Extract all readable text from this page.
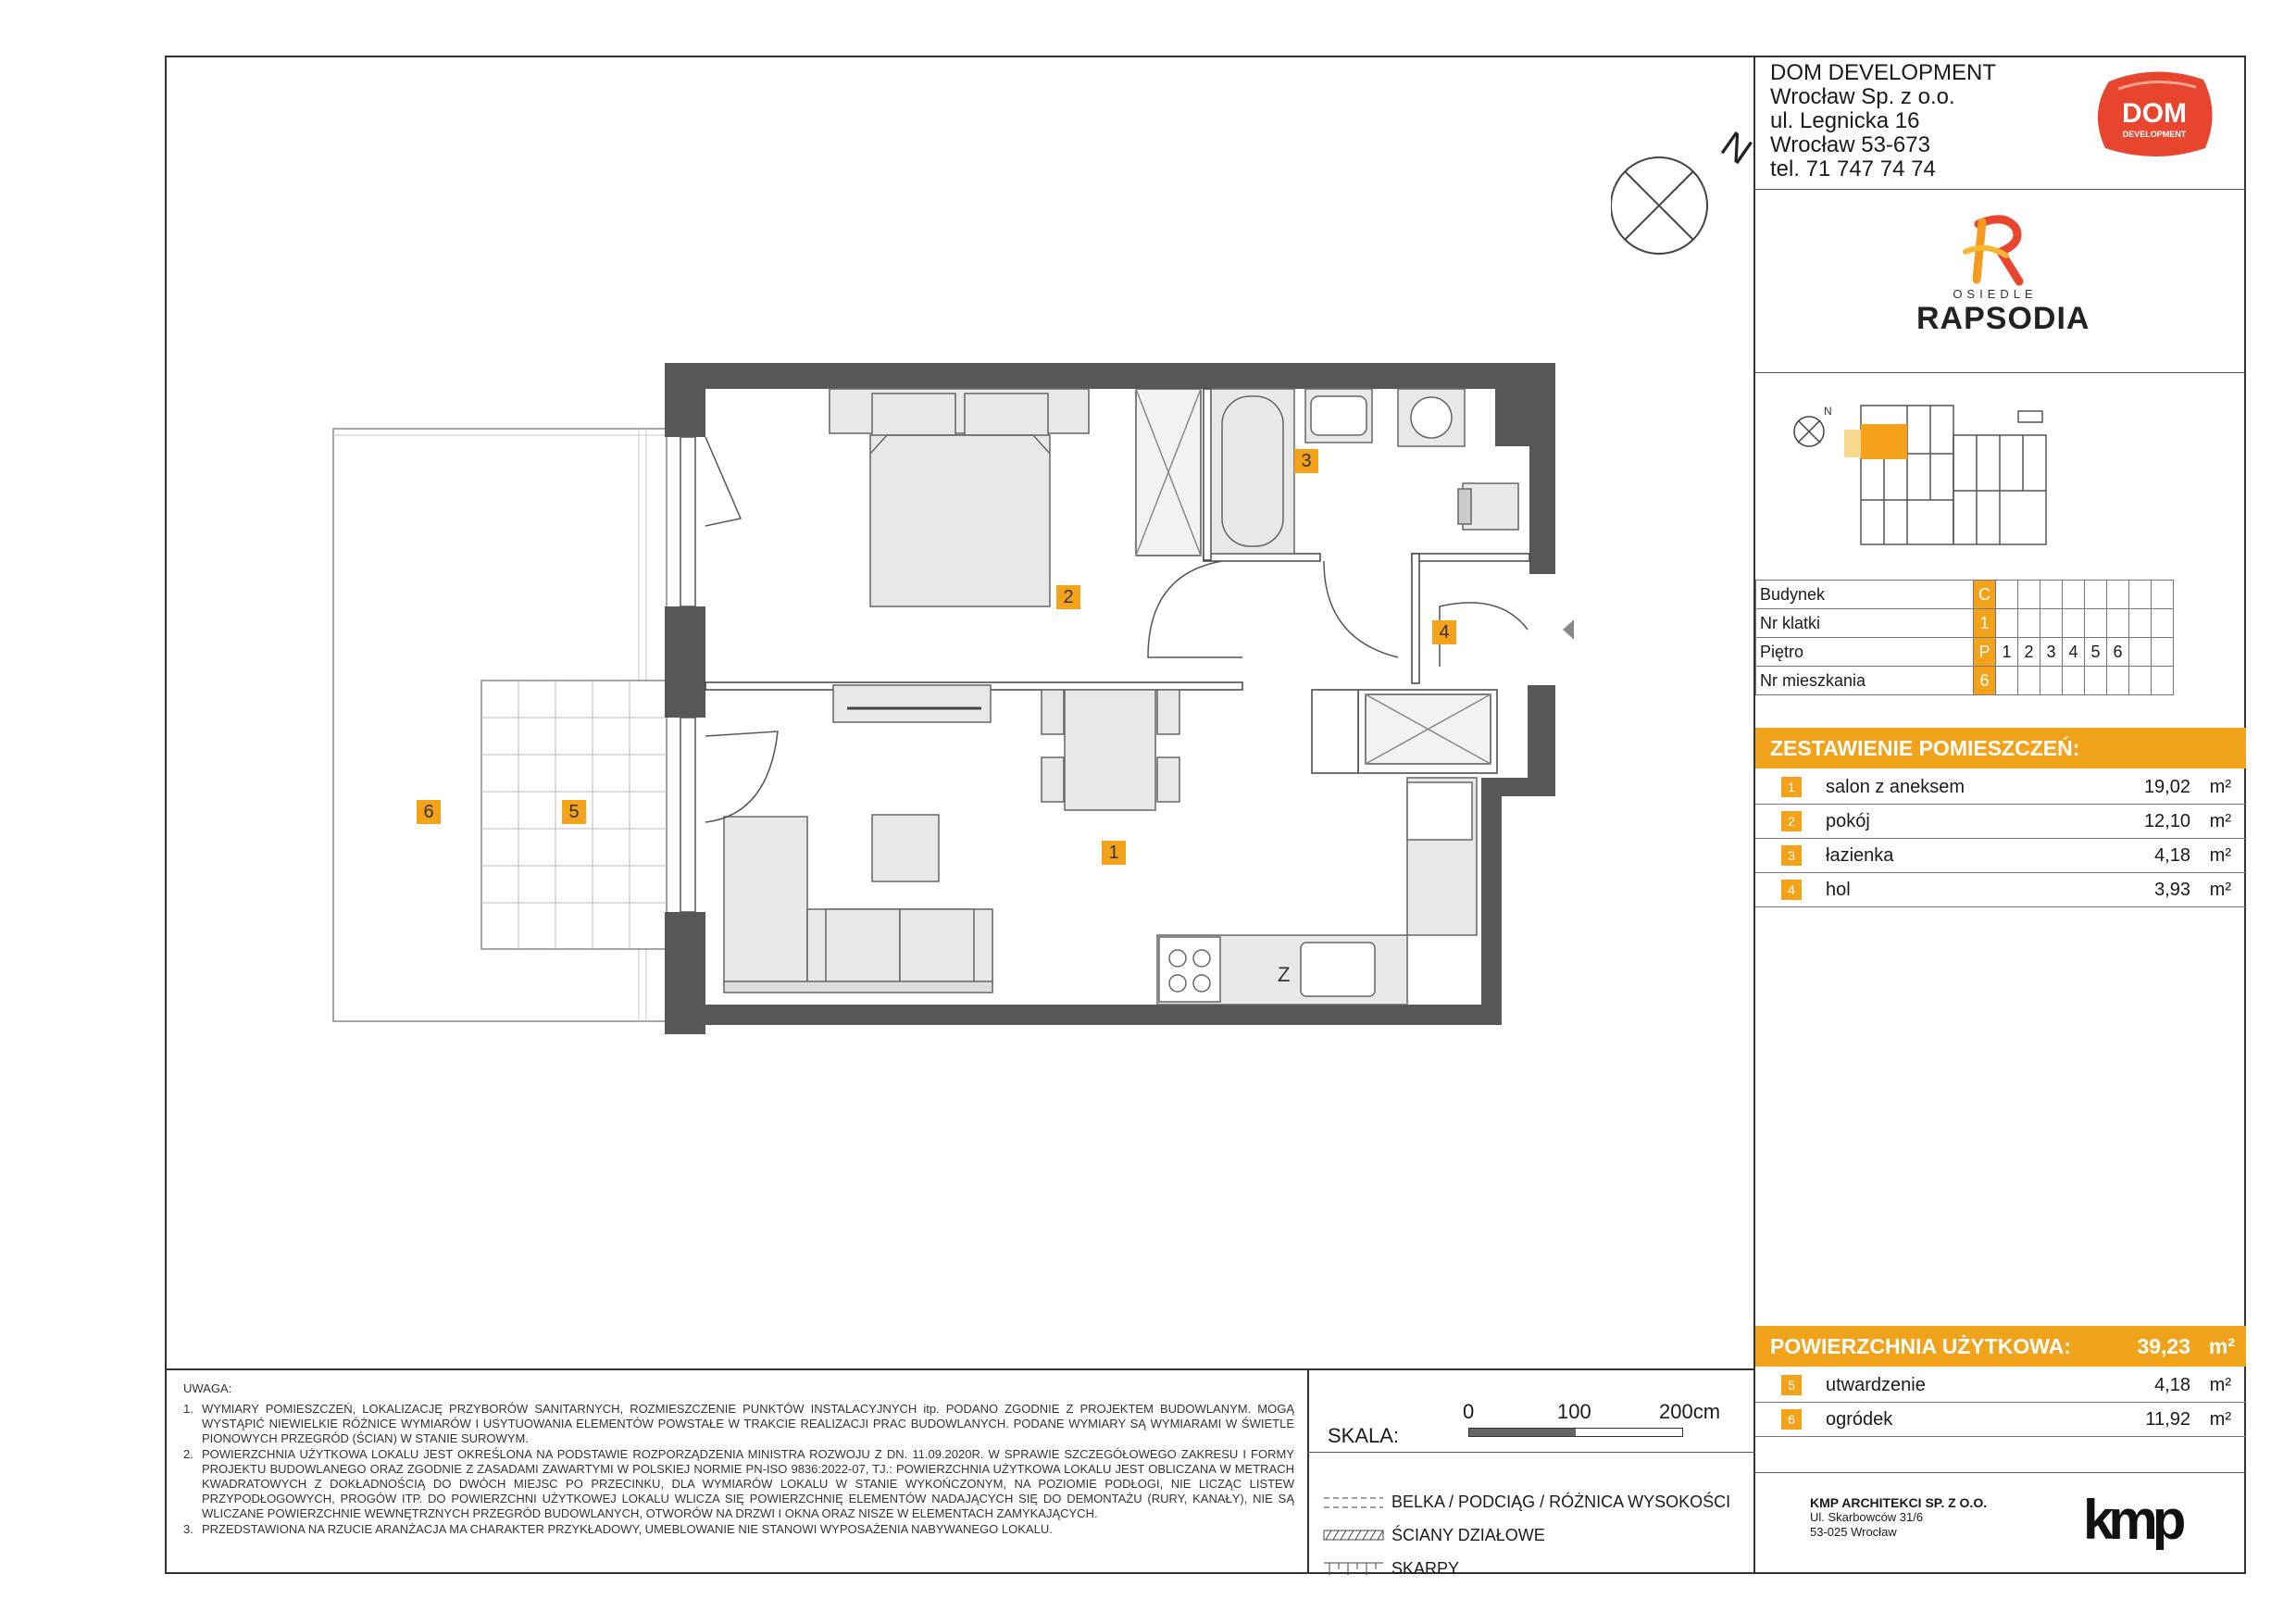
DOM DEVELOPMENT
Wrocław Sp. z o.o.
ul. Legnicka 16
Wrocław 53-673
tel. 71 747 74 74
DOM
DEVELOPMENT
OSIEDLE
RAPSODIA
N
Budynek	C								
Nr klatki	1								
Piętro	P	1	2	3	4	5	6		
Nr mieszkania	6								
ZESTAWIENIE POMIESZCZEŃ:
1	salon z aneksem	19,02 m²
2	pokój	12,10 m²
3	łazienka	4,18 m²
4	hol	3,93 m²
POWIERZCHNIA UŻYTKOWA:	39,23 m²
5	utwardzenie	4,18 m²
6	ogródek	11,92 m²
KMP ARCHITEKCI SP. Z O.O.
Ul. Skarbowców 31/6
53-025 Wrocław	kmp
UWAGA:
1. WYMIARY POMIESZCZEŃ, LOKALIZACJĘ PRZYBORÓW SANITARNYCH, ROZMIESZCZENIE PUNKTÓW INSTALACYJNYCH itp. PODANO ZGODNIE Z PROJEKTEM BUDOWLANYM. MOGĄ WYSTĄPIĆ NIEWIELKIE RÓŻNICE WYMIARÓW I USYTUOWANIA ELEMENTÓW POWSTAŁE W TRAKCIE REALIZACJI PRAC BUDOWLANYCH. PODANE WYMIARY SĄ WYMIARAMI W ŚWIETLE PIONOWYCH PRZEGRÓD (ŚCIAN) W STANIE SUROWYM.
2. POWIERZCHNIA UŻYTKOWA LOKALU JEST OKREŚLONA NA PODSTAWIE ROZPORZĄDZENIA MINISTRA ROZWOJU Z DN. 11.09.2020R. W SPRAWIE SZCZEGÓŁOWEGO ZAKRESU I FORMY PROJEKTU BUDOWLANEGO ORAZ ZGODNIE Z ZASADAMI ZAWARTYMI W POLSKIEJ NORMIE PN-ISO 9836:2022-07, TJ.: POWIERZCHNIA UŻYTKOWA LOKALU JEST OBLICZANA W METRACH KWADRATOWYCH Z DOKŁADNOŚCIĄ DO DWÓCH MIEJSC PO PRZECINKU, DLA WYMIARÓW LOKALU W STANIE WYKOŃCZONYM, NA POZIOMIE PODŁOGI, NIE LICZĄC LISTEW PRZYPODŁOGOWYCH, PROGÓW ITP. DO POWIERZCHNI UŻYTKOWEJ LOKALU WLICZA SIĘ POWIERZCHNIĘ ELEMENTÓW NADAJĄCYCH SIĘ DO DEMONTAŻU (RURY, KANAŁY), NIE SĄ WLICZANE POWIERZCHNIE WEWNĘTRZNYCH PRZEGRÓD BUDOWLANYCH, OTWORÓW NA DRZWI I OKNA ORAZ NISZE W ELEMENTACH ZAMYKAJĄCYCH.
3. PRZEDSTAWIONA NA RZUCIE ARANŻACJA MA CHARAKTER PRZYKŁADOWY, UMEBLOWANIE NIE STANOWI WYPOSAŻENIA NABYWANEGO LOKALU.
SKALA:
0	100	200cm
BELKA / PODCIĄG / RÓŻNICA WYSOKOŚCI
ŚCIANY DZIAŁOWE
SKARPY
N
Z
2
3
4
1
5
6
